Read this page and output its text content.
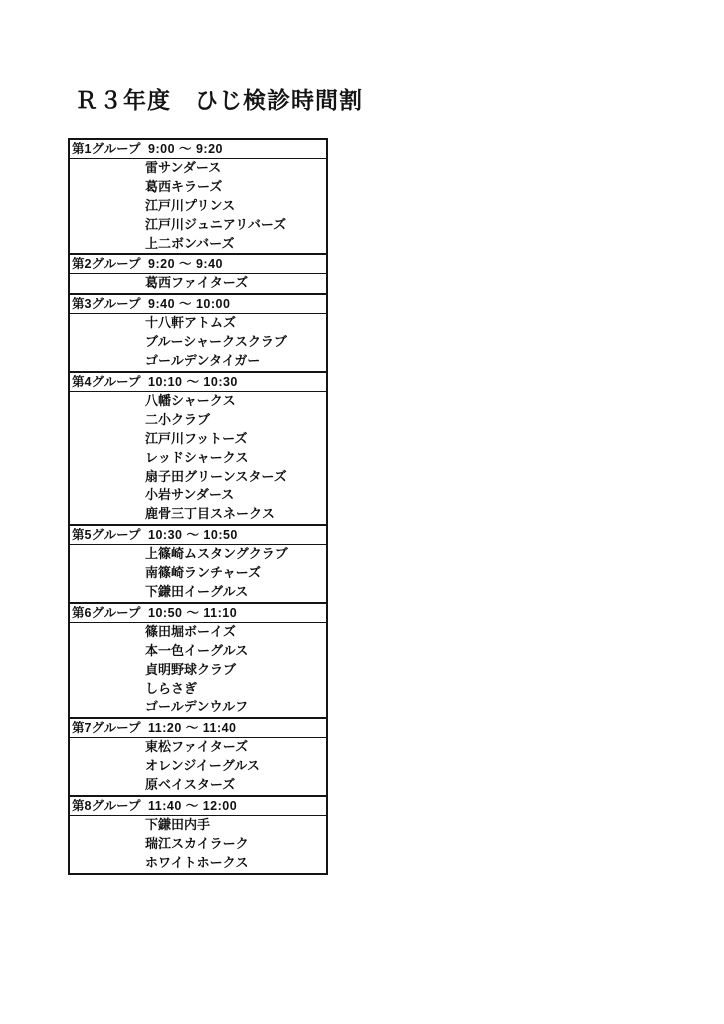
Ｒ３年度　ひじ検診時間割
第1グループ 9:00 ～ 9:20
雷サンダース
葛西キラーズ
江戸川プリンス
江戸川ジュニアリバーズ
上二ボンバーズ
第2グループ 9:20 ～ 9:40
葛西ファイターズ
第3グループ 9:40 ～ 10:00
十八軒アトムズ
ブルーシャークスクラブ
ゴールデンタイガー
第4グループ 10:10 ～ 10:30
八幡シャークス
二小クラブ
江戸川フットーズ
レッドシャークス
扇子田グリーンスターズ
小岩サンダース
鹿骨三丁目スネークス
第5グループ 10:30 ～ 10:50
上篠崎ムスタングクラブ
南篠崎ランチャーズ
下鎌田イーグルス
第6グループ 10:50 ～ 11:10
篠田堀ボーイズ
本一色イーグルス
貞明野球クラブ
しらさぎ
ゴールデンウルフ
第7グループ 11:20 ～ 11:40
東松ファイターズ
オレンジイーグルス
原ベイスターズ
第8グループ 11:40 ～ 12:00
下鎌田内手
瑞江スカイラーク
ホワイトホークス
